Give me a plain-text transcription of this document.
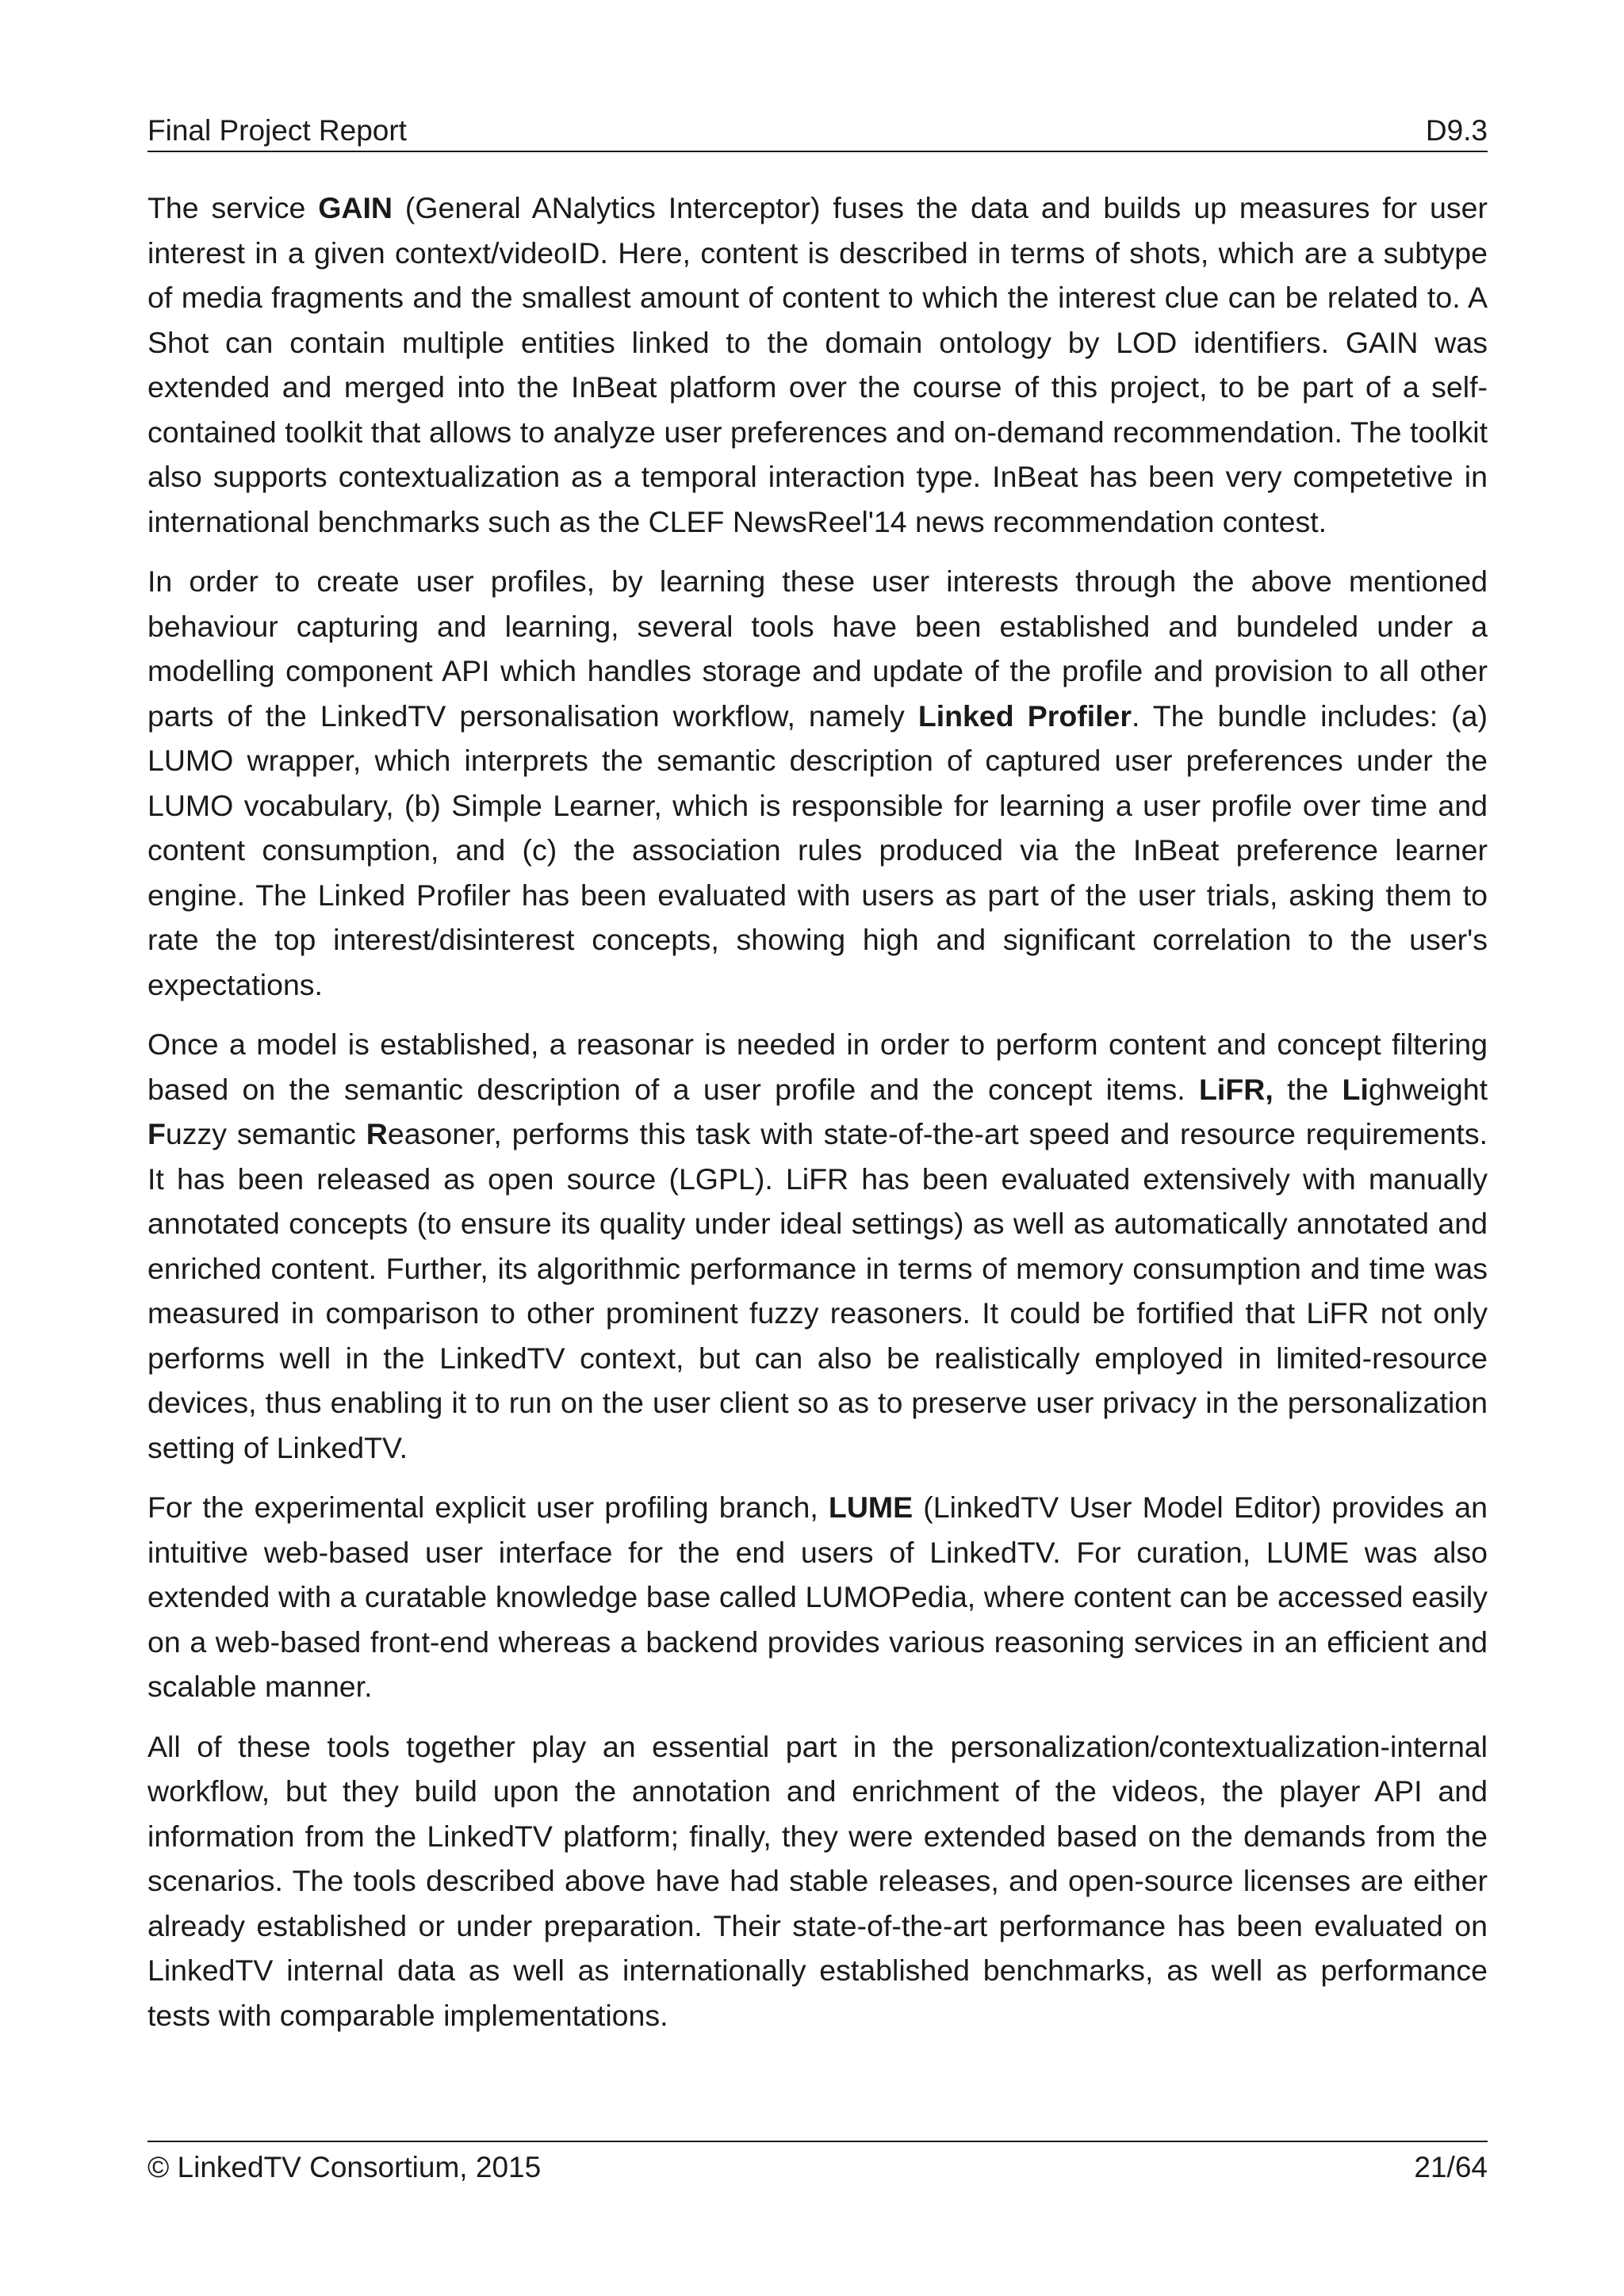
Final Project Report	D9.3

The service GAIN (General ANalytics Interceptor) fuses the data and builds up measures for user interest in a given context/videoID. Here, content is described in terms of shots, which are a subtype of media fragments and the smallest amount of content to which the interest clue can be related to. A Shot can contain multiple entities linked to the domain ontology by LOD identifiers. GAIN was extended and merged into the InBeat platform over the course of this project, to be part of a self-contained toolkit that allows to analyze user preferences and on-demand recommendation. The toolkit also supports contextualization as a temporal interaction type. InBeat has been very competetive in international benchmarks such as the CLEF NewsReel'14 news recommendation contest.

In order to create user profiles, by learning these user interests through the above mentioned behaviour capturing and learning, several tools have been established and bundeled under a modelling component API which handles storage and update of the profile and provision to all other parts of the LinkedTV personalisation workflow, namely Linked Profiler. The bundle includes: (a) LUMO wrapper, which interprets the semantic description of captured user preferences under the LUMO vocabulary, (b) Simple Learner, which is responsible for learning a user profile over time and content consumption, and (c) the association rules produced via the InBeat preference learner engine. The Linked Profiler has been evaluated with users as part of the user trials, asking them to rate the top interest/disinterest concepts, showing high and significant correlation to the user's expectations.

Once a model is established, a reasonar is needed in order to perform content and concept filtering based on the semantic description of a user profile and the concept items. LiFR, the Lighweight Fuzzy semantic Reasoner, performs this task with state-of-the-art speed and resource requirements. It has been released as open source (LGPL). LiFR has been evaluated extensively with manually annotated concepts (to ensure its quality under ideal settings) as well as automatically annotated and enriched content. Further, its algorithmic performance in terms of memory consumption and time was measured in comparison to other prominent fuzzy reasoners. It could be fortified that LiFR not only performs well in the LinkedTV context, but can also be realistically employed in limited-resource devices, thus enabling it to run on the user client so as to preserve user privacy in the personalization setting of LinkedTV.

For the experimental explicit user profiling branch, LUME (LinkedTV User Model Editor) provides an intuitive web-based user interface for the end users of LinkedTV. For curation, LUME was also extended with a curatable knowledge base called LUMOPedia, where content can be accessed easily on a web-based front-end whereas a backend provides various reasoning services in an efficient and scalable manner.

All of these tools together play an essential part in the personalization/contextualization-internal workflow, but they build upon the annotation and enrichment of the videos, the player API and information from the LinkedTV platform; finally, they were extended based on the demands from the scenarios. The tools described above have had stable releases, and open-source licenses are either already established or under preparation. Their state-of-the-art performance has been evaluated on LinkedTV internal data as well as internationally established benchmarks, as well as performance tests with comparable implementations.

© LinkedTV Consortium, 2015	21/64
